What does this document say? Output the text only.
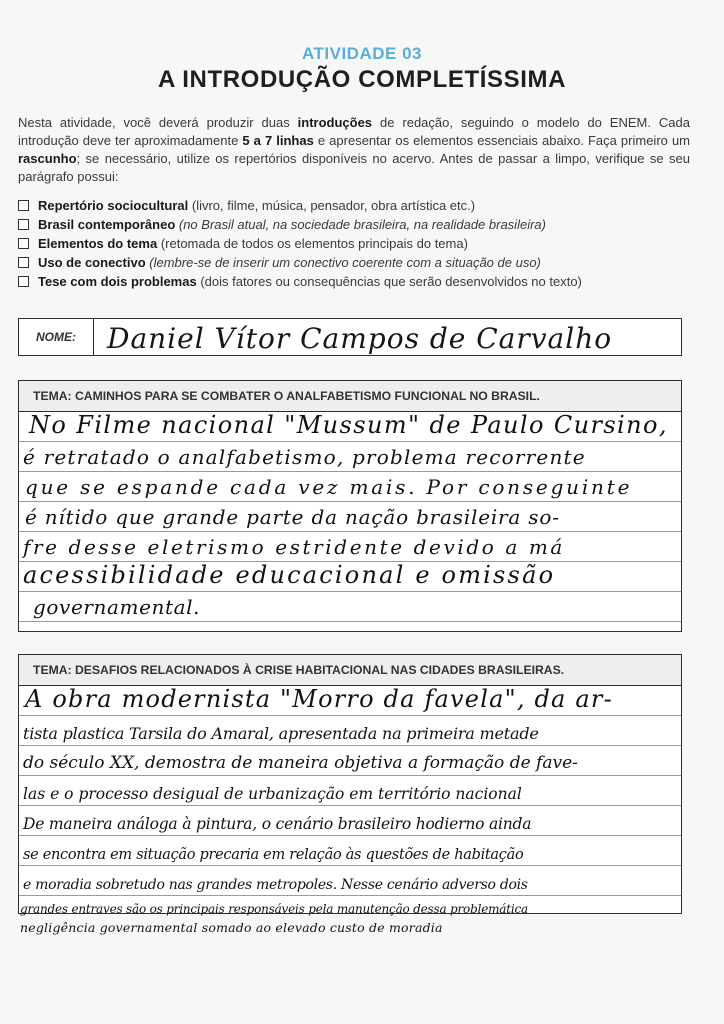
ATIVIDADE 03
A INTRODUÇÃO COMPLETÍSSIMA
Nesta atividade, você deverá produzir duas introduções de redação, seguindo o modelo do ENEM. Cada introdução deve ter aproximadamente 5 a 7 linhas e apresentar os elementos essenciais abaixo. Faça primeiro um rascunho; se necessário, utilize os repertórios disponíveis no acervo. Antes de passar a limpo, verifique se seu parágrafo possui:
Repertório sociocultural (livro, filme, música, pensador, obra artística etc.)
Brasil contemporâneo (no Brasil atual, na sociedade brasileira, na realidade brasileira)
Elementos do tema (retomada de todos os elementos principais do tema)
Uso de conectivo (lembre-se de inserir um conectivo coerente com a situação de uso)
Tese com dois problemas (dois fatores ou consequências que serão desenvolvidos no texto)
NOME:	Daniel Vítor Campos de Carvalho
TEMA: CAMINHOS PARA SE COMBATER O ANALFABETISMO FUNCIONAL NO BRASIL.
No Filme nacional "Mussum" de Paulo Cursino,
é retratado o analfabetismo, problema recorrente
que se espande cada vez mais. Por conseguinte
é nítido que grande parte da nação brasileira so-
fre desse eletrismo estridente devido a má
acessibilidade educacional e omissão
governamental.
TEMA: DESAFIOS RELACIONADOS À CRISE HABITACIONAL NAS CIDADES BRASILEIRAS.
A obra modernista "Morro da favela", da ar-
tista plastica Tarsila do Amaral, apresentada na primeira metade
do século XX, demostra de maneira objetiva a formação de fave-
las e o processo desigual de urbanização em território nacional
De maneira análoga à pintura, o cenário brasileiro hodierno ainda
se encontra em situação precaria em relação às questões de habitação
e moradia sobretudo nas grandes metropoles. Nesse cenário adverso dois
grandes entraves são os principais responsáveis pela manutenção dessa problemática
negligência governamental somado ao elevado custo de moradia
